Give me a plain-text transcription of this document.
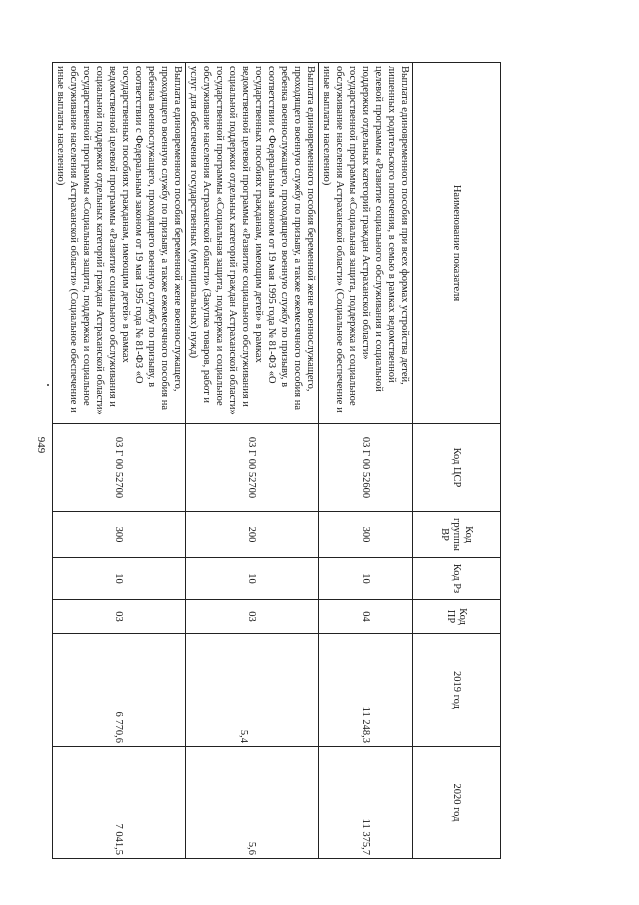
949
Наименование показателя	Код ЦСР	Код группы ВР	Код Рз	Код ПР	2019 год	2020 год
Выплата единовременного пособия при всех формах устройства детей, лишенных родительского попечения, в семью в рамках ведомственной целевой программы «Развитие социального обслуживания и социальной поддержки отдельных категорий граждан Астраханской области» государственной программы «Социальная защита, поддержка и социальное обслуживание населения Астраханской области» (Социальное обеспечение и иные выплаты населению)	03 Г 00 52600	300	10	04	11 248,3	11 375,7
Выплата единовременного пособия беременной жене военнослужащего, проходящего военную службу по призыву, а также ежемесячного пособия на ребенка военнослужащего, проходящего военную службу по призыву, в соответствии с Федеральным законом от 19 мая 1995 года № 81-ФЗ «О государственных пособиях гражданам, имеющим детей» в рамках ведомственной целевой программы «Развитие социального обслуживания и социальной поддержки отдельных категорий граждан Астраханской области» государственной программы «Социальная защита, поддержка и социальное обслуживание населения Астраханской области» (Закупка товаров, работ и услуг для обеспечения государственных (муниципальных) нужд)	03 Г 00 52700	200	10	03	5,4	5,6
Выплата единовременного пособия беременной жене военнослужащего, проходящего военную службу по призыву, а также ежемесячного пособия на ребенка военнослужащего, проходящего военную службу по призыву, в соответствии с Федеральным законом от 19 мая 1995 года № 81-ФЗ «О государственных пособиях гражданам, имеющим детей» в рамках ведомственной целевой программы «Развитие социального обслуживания и социальной поддержки отдельных категорий граждан Астраханской области» государственной программы «Социальная защита, поддержка и социальное обслуживание населения Астраханской области» (Социальное обеспечение и иные выплаты населению)	03 Г 00 52700	300	10	03	6 770,6	7 041,5
